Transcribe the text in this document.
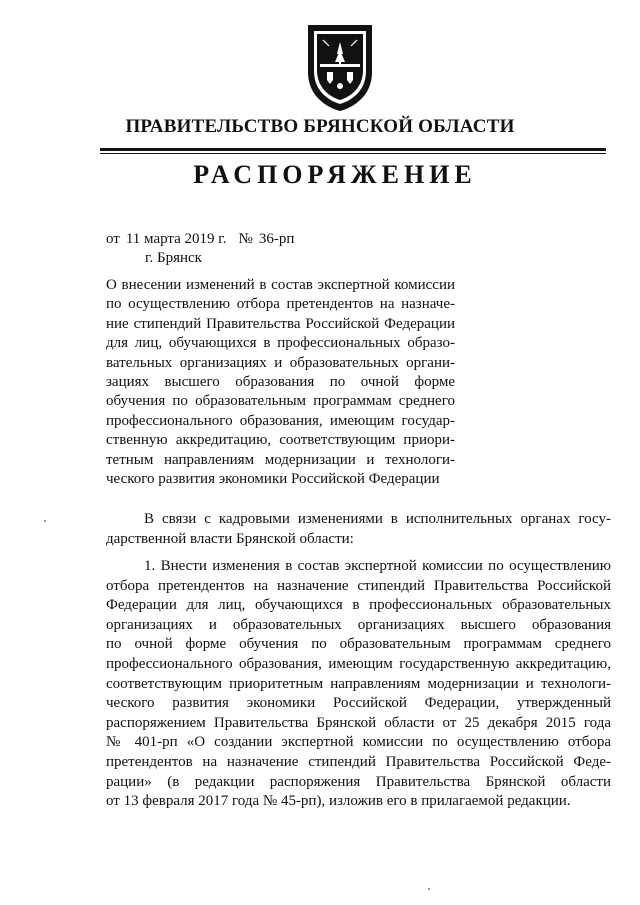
ПРАВИТЕЛЬСТВО БРЯНСКОЙ ОБЛАСТИ
РАСПОРЯЖЕНИЕ
от 11 марта 2019 г. № 36-рп
г. Брянск
О внесении изменений в состав экспертной комиссии
по осуществлению отбора претендентов на назначе-
ние стипендий Правительства Российской Федерации
для лиц, обучающихся в профессиональных образо-
вательных организациях и образовательных органи-
зациях высшего образования по очной форме
обучения по образовательным программам среднего
профессионального образования, имеющим государ-
ственную аккредитацию, соответствующим приори-
тетным направлениям модернизации и технологи-
ческого развития экономики Российской Федерации
В связи с кадровыми изменениями в исполнительных органах госу-
дарственной власти Брянской области:
1. Внести изменения в состав экспертной комиссии по осуществлению
отбора претендентов на назначение стипендий Правительства Российской
Федерации для лиц, обучающихся в профессиональных образовательных
организациях и образовательных организациях высшего образования
по очной форме обучения по образовательным программам среднего
профессионального образования, имеющим государственную аккредитацию,
соответствующим приоритетным направлениям модернизации и технологи-
ческого развития экономики Российской Федерации, утвержденный
распоряжением Правительства Брянской области от 25 декабря 2015 года
№ 401-рп «О создании экспертной комиссии по осуществлению отбора
претендентов на назначение стипендий Правительства Российской Феде-
рации» (в редакции распоряжения Правительства Брянской области
от 13 февраля 2017 года № 45-рп), изложив его в прилагаемой редакции.
